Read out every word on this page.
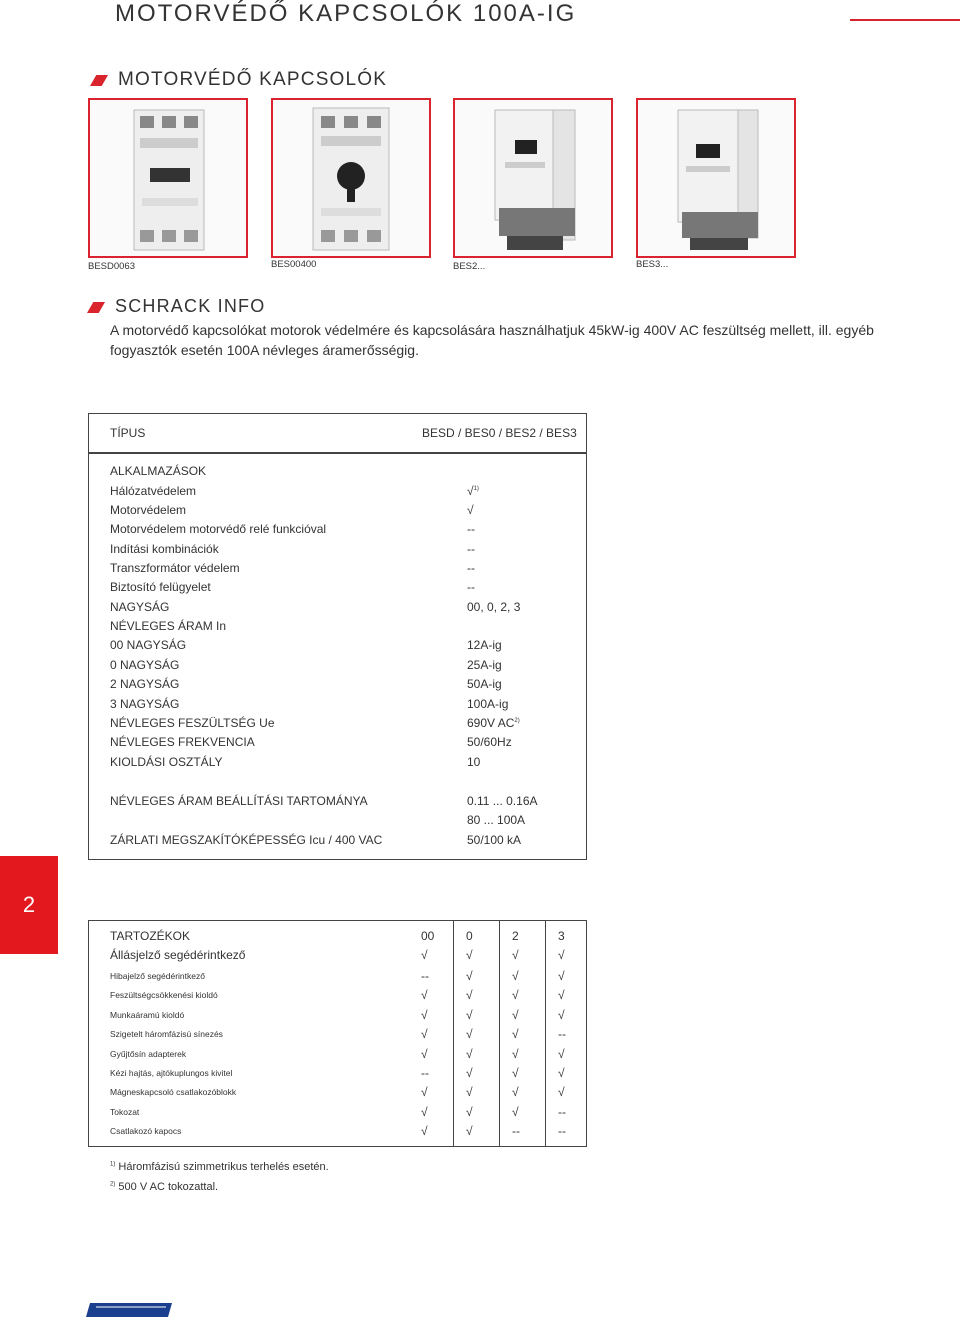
MOTORVÉDŐ KAPCSOLÓK 100A-IG
MOTORVÉDŐ KAPCSOLÓK
BESD0063	BES00400	BES2...	BES3...
SCHRACK INFO
A motorvédő kapcsolókat motorok védelmére és kapcsolására használhatjuk 45kW-ig 400V AC feszültség mellett, ill. egyéb fogyasztók esetén 100A névleges áramerősségig.
TÍPUS	BESD / BES0 / BES2 / BES3
ALKALMAZÁSOK
Hálózatvédelem	√$^{1)}$
Motorvédelem	√
Motorvédelem motorvédő relé funkcióval	--
Indítási kombinációk	--
Transzformátor védelem	--
Biztosító felügyelet	--
NAGYSÁG	00, 0, 2, 3
NÉVLEGES ÁRAM In
00 NAGYSÁG	12A-ig
0 NAGYSÁG	25A-ig
2 NAGYSÁG	50A-ig
3 NAGYSÁG	100A-ig
NÉVLEGES FESZÜLTSÉG Ue	690V AC$^{2)}$
NÉVLEGES FREKVENCIA	50/60Hz
KIOLDÁSI OSZTÁLY	10
NÉVLEGES ÁRAM BEÁLLÍTÁSI TARTOMÁNYA	0.11 ... 0.16A
80 ... 100A
ZÁRLATI MEGSZAKÍTÓKÉPESSÉG Icu / 400 VAC	50/100 kA
2
TARTOZÉKOK	00	0	2	3
Állásjelző segédérintkező	√	√	√	√
Hibajelző segédérintkező	--	√	√	√
Feszültségcsökkenési kioldó	√	√	√	√
Munkaáramú kioldó	√	√	√	√
Szigetelt háromfázisú sínezés	√	√	√	--
Gyűjtősín adapterek	√	√	√	√
Kézi hajtás, ajtókuplungos kivitel	--	√	√	√
Mágneskapcsoló csatlakozóblokk	√	√	√	√
Tokozat	√	√	√	--
Csatlakozó kapocs	√	√	--	--
$^{1)}$ Háromfázisú szimmetrikus terhelés esetén.
$^{2)}$ 500 V AC tokozattal.
